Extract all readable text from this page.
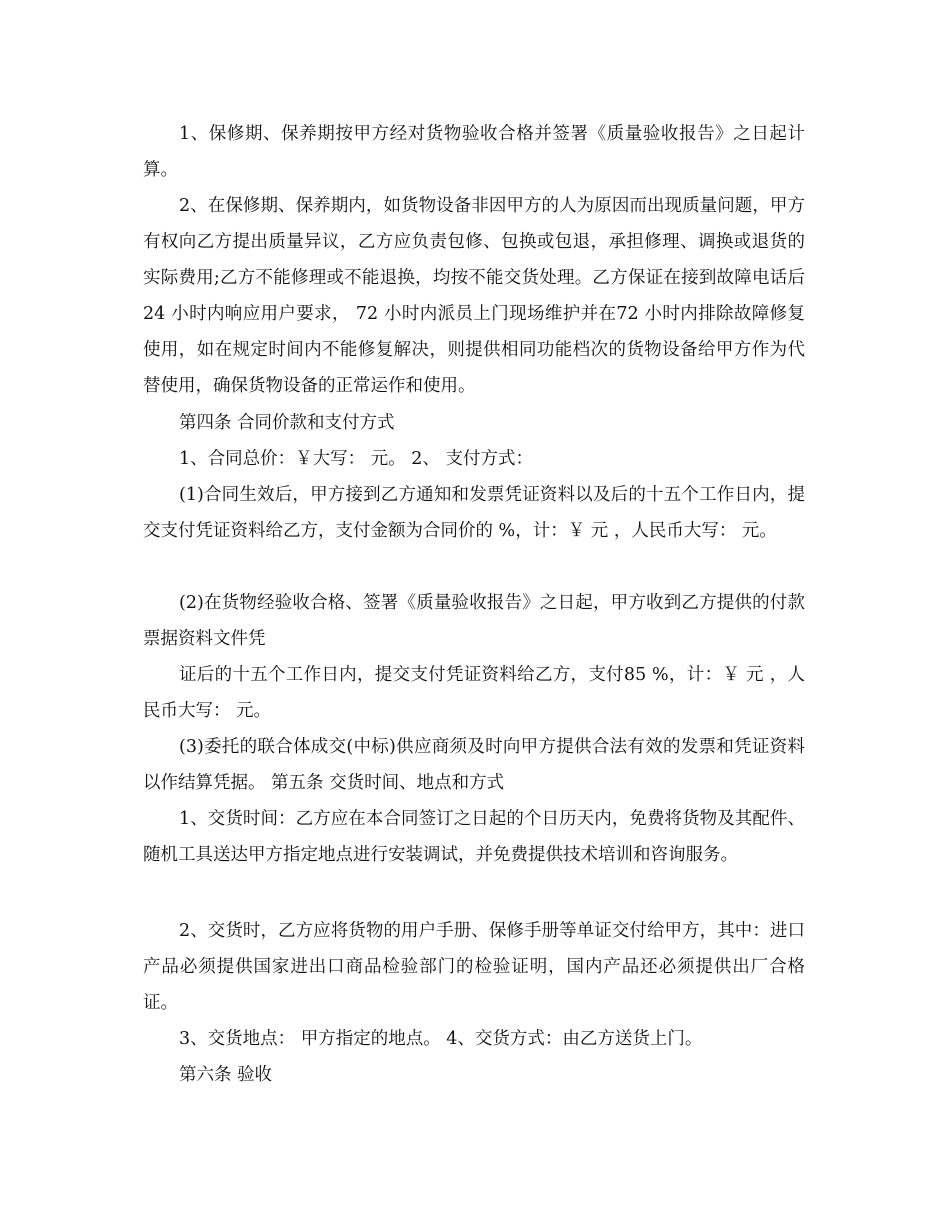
1、保修期、保养期按甲方经对货物验收合格并签署《质量验收报告》之日起计算。

2、在保修期、保养期内，如货物设备非因甲方的人为原因而出现质量问题，甲方有权向乙方提出质量异议，乙方应负责包修、包换或包退，承担修理、调换或退货的实际费用;乙方不能修理或不能退换，均按不能交货处理。乙方保证在接到故障电话后24 小时内响应用户要求， 72 小时内派员上门现场维护并在72 小时内排除故障修复使用，如在规定时间内不能修复解决，则提供相同功能档次的货物设备给甲方作为代替使用，确保货物设备的正常运作和使用。

第四条 合同价款和支付方式

1、合同总价：￥大写： 元。 2、 支付方式：

(1)合同生效后，甲方接到乙方通知和发票凭证资料以及后的十五个工作日内，提交支付凭证资料给乙方，支付金额为合同价的 %，计：￥ 元 ，人民币大写： 元。

(2)在货物经验收合格、签署《质量验收报告》之日起，甲方收到乙方提供的付款票据资料文件凭

证后的十五个工作日内，提交支付凭证资料给乙方，支付85 %，计：￥ 元 ，人民币大写： 元。

(3)委托的联合体成交(中标)供应商须及时向甲方提供合法有效的发票和凭证资料以作结算凭据。 第五条 交货时间、地点和方式

1、交货时间：乙方应在本合同签订之日起的个日历天内，免费将货物及其配件、随机工具送达甲方指定地点进行安装调试，并免费提供技术培训和咨询服务。

2、交货时，乙方应将货物的用户手册、保修手册等单证交付给甲方，其中：进口产品必须提供国家进出口商品检验部门的检验证明，国内产品还必须提供出厂合格证。

3、交货地点： 甲方指定的地点。 4、交货方式：由乙方送货上门。

第六条 验收
